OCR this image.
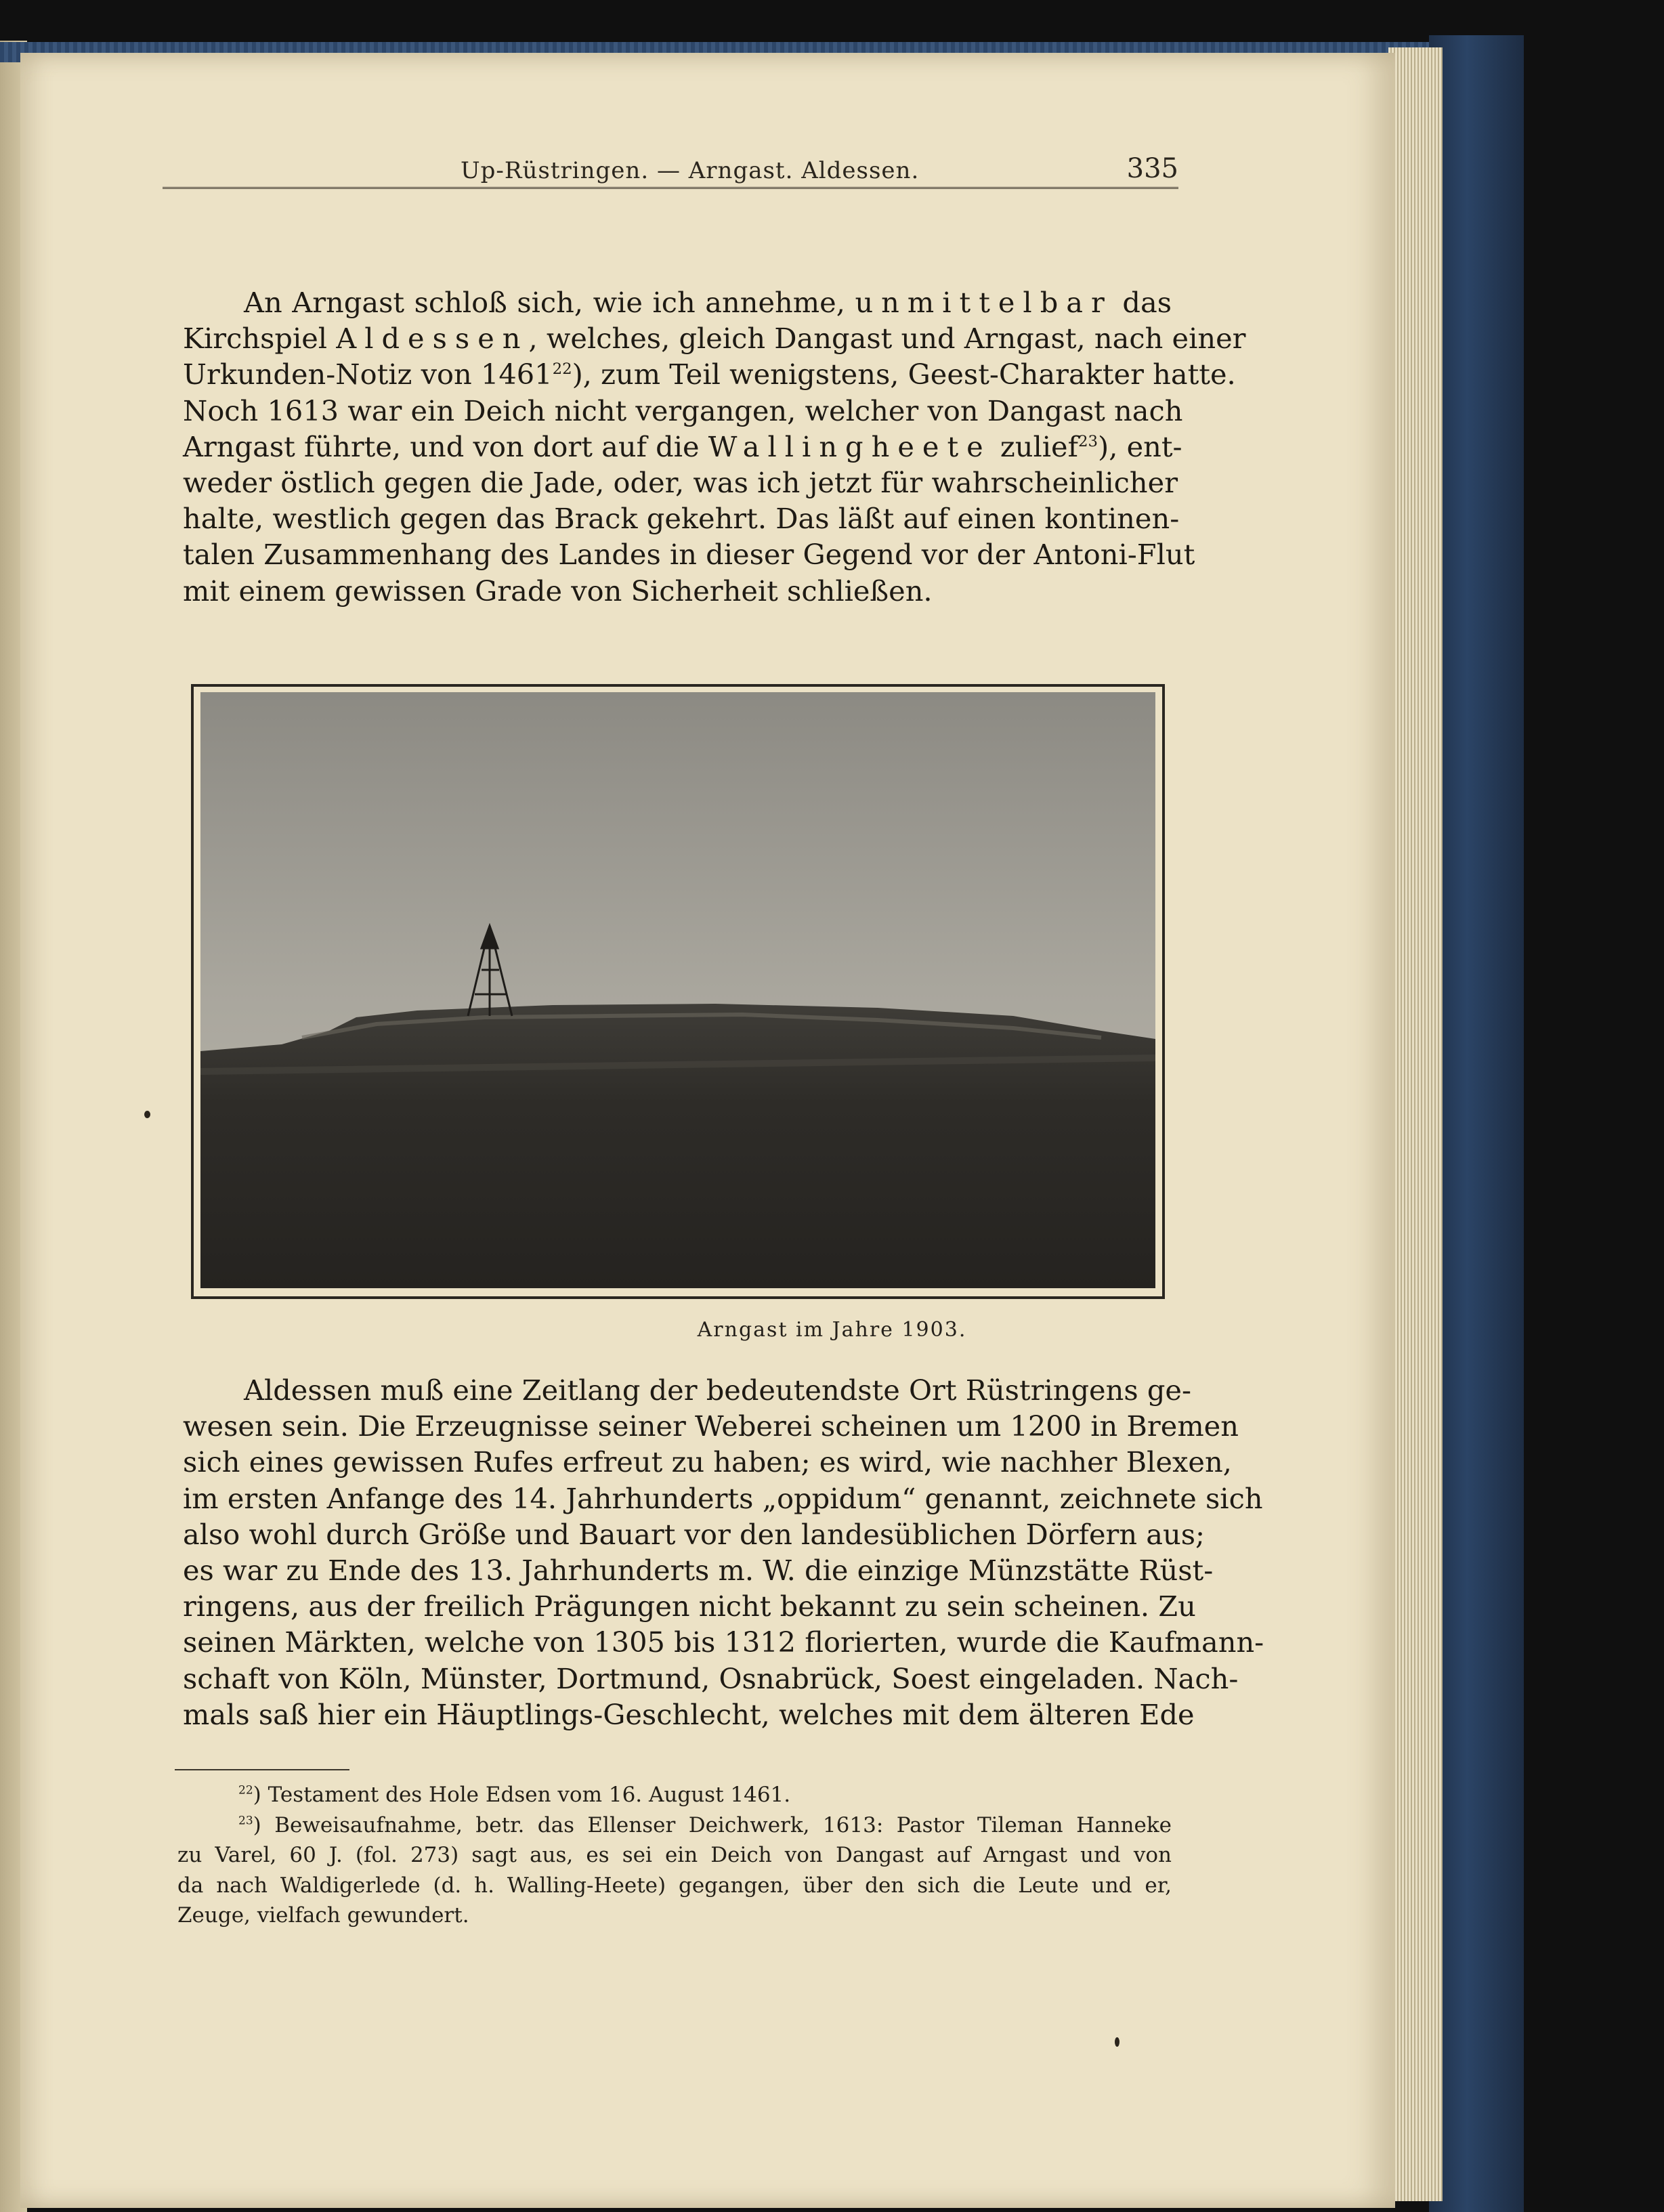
Up-Rüstringen. — Arngast. Aldessen.	335
An Arngast schloß sich, wie ich annehme, unmittelbar das
Kirchspiel Aldessen, welches, gleich Dangast und Arngast, nach einer
Urkunden-Notiz von 1461$^{22}$), zum Teil wenigstens, Geest-Charakter hatte.
Noch 1613 war ein Deich nicht vergangen, welcher von Dangast nach
Arngast führte, und von dort auf die Wallingheete zulief$^{23}$), ent-
weder östlich gegen die Jade, oder, was ich jetzt für wahrscheinlicher
halte, westlich gegen das Brack gekehrt. Das läßt auf einen kontinen-
talen Zusammenhang des Landes in dieser Gegend vor der Antoni-Flut
mit einem gewissen Grade von Sicherheit schließen.
Arngast im Jahre 1903.
Aldessen muß eine Zeitlang der bedeutendste Ort Rüstringens ge-
wesen sein. Die Erzeugnisse seiner Weberei scheinen um 1200 in Bremen
sich eines gewissen Rufes erfreut zu haben; es wird, wie nachher Blexen,
im ersten Anfange des 14. Jahrhunderts „oppidum“ genannt, zeichnete sich
also wohl durch Größe und Bauart vor den landesüblichen Dörfern aus;
es war zu Ende des 13. Jahrhunderts m. W. die einzige Münzstätte Rüst-
ringens, aus der freilich Prägungen nicht bekannt zu sein scheinen. Zu
seinen Märkten, welche von 1305 bis 1312 florierten, wurde die Kaufmann-
schaft von Köln, Münster, Dortmund, Osnabrück, Soest eingeladen. Nach-
mals saß hier ein Häuptlings-Geschlecht, welches mit dem älteren Ede
$^{22}$) Testament des Hole Edsen vom 16. August 1461.
$^{23}$) Beweisaufnahme, betr. das Ellenser Deichwerk, 1613: Pastor Tileman Hanneke
zu Varel, 60 J. (fol. 273) sagt aus, es sei ein Deich von Dangast auf Arngast und von
da nach Waldigerlede (d. h. Walling-Heete) gegangen, über den sich die Leute und er,
Zeuge, vielfach gewundert.
